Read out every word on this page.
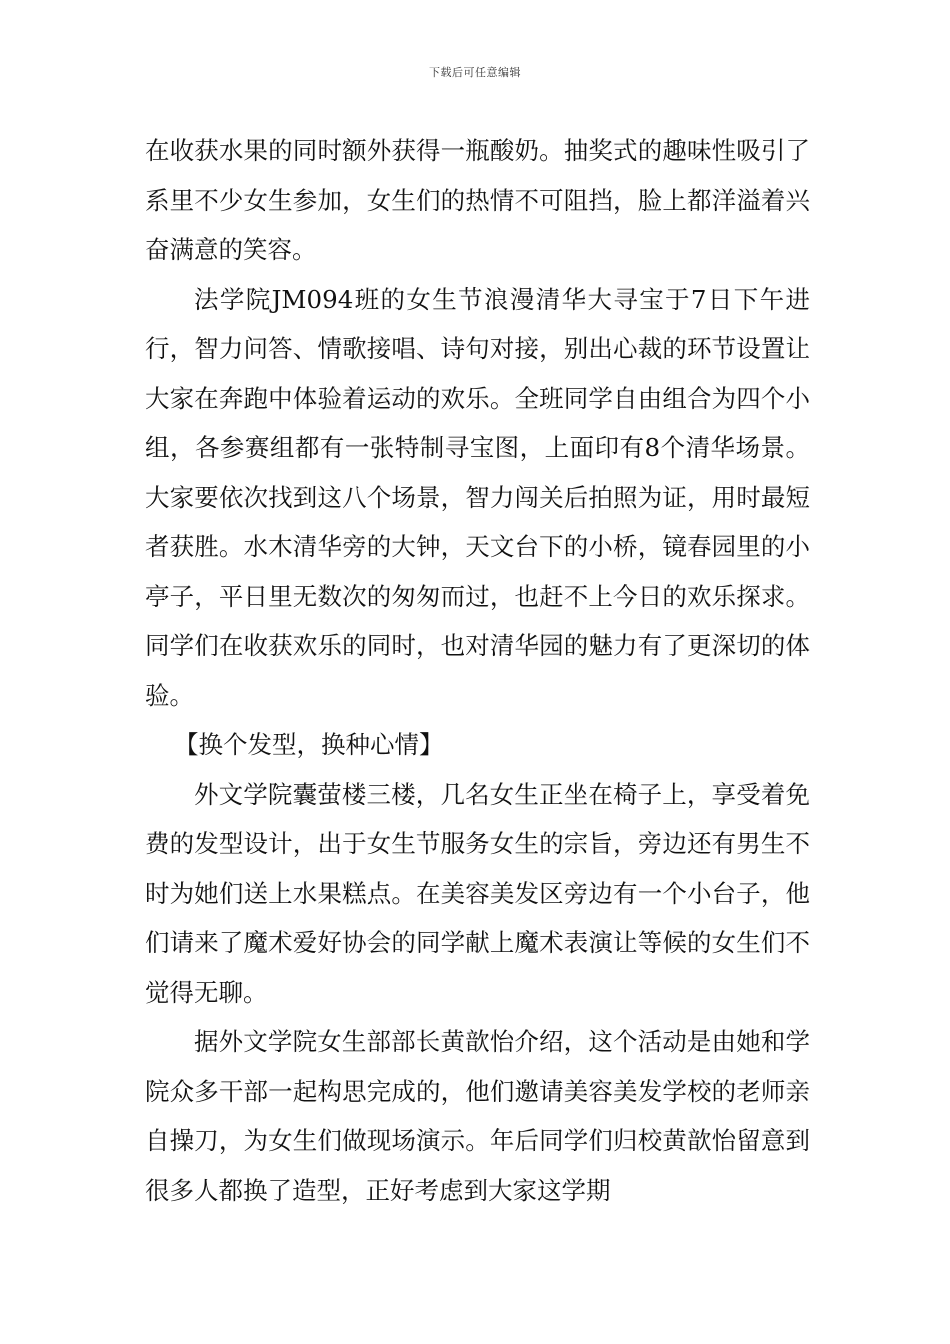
下载后可任意编辑

在收获水果的同时额外获得一瓶酸奶。抽奖式的趣味性吸引了系里不少女生参加，女生们的热情不可阻挡，脸上都洋溢着兴奋满意的笑容。

法学院JM094班的女生节浪漫清华大寻宝于7日下午进行，智力问答、情歌接唱、诗句对接，别出心裁的环节设置让大家在奔跑中体验着运动的欢乐。全班同学自由组合为四个小组，各参赛组都有一张特制寻宝图，上面印有8个清华场景。大家要依次找到这八个场景，智力闯关后拍照为证，用时最短者获胜。水木清华旁的大钟，天文台下的小桥，镜春园里的小亭子，平日里无数次的匆匆而过，也赶不上今日的欢乐探求。同学们在收获欢乐的同时，也对清华园的魅力有了更深切的体验。

【换个发型，换种心情】

外文学院囊萤楼三楼，几名女生正坐在椅子上，享受着免费的发型设计，出于女生节服务女生的宗旨，旁边还有男生不时为她们送上水果糕点。在美容美发区旁边有一个小台子，他们请来了魔术爱好协会的同学献上魔术表演让等候的女生们不觉得无聊。

据外文学院女生部部长黄歆怡介绍，这个活动是由她和学院众多干部一起构思完成的，他们邀请美容美发学校的老师亲自操刀，为女生们做现场演示。年后同学们归校黄歆怡留意到很多人都换了造型，正好考虑到大家这学期
